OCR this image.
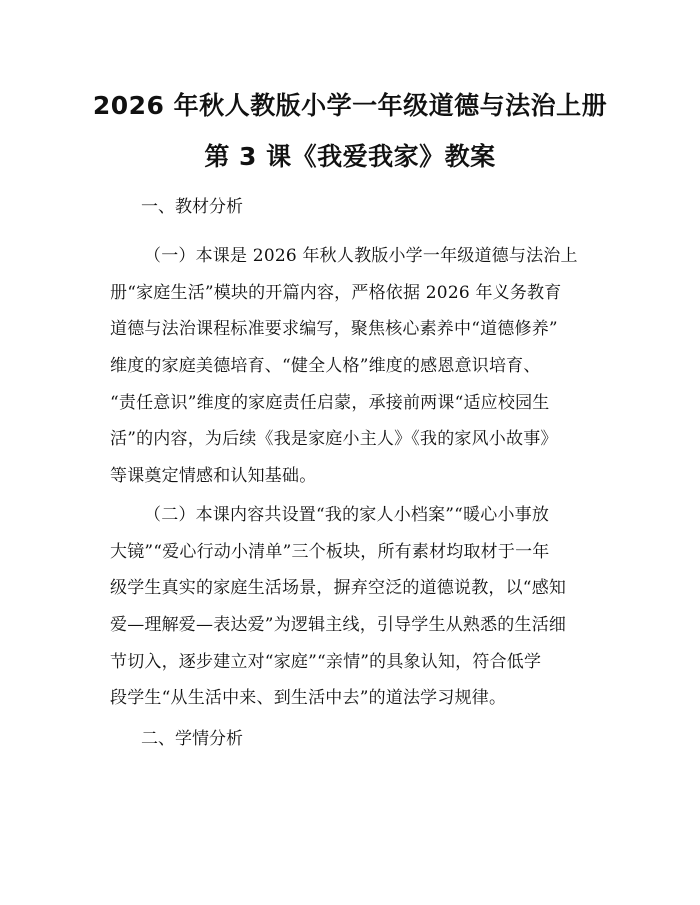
2026 年秋人教版小学一年级道德与法治上册
第 3 课《我爱我家》教案
一、教材分析
（一）本课是 2026 年秋人教版小学一年级道德与法治上
册“家庭生活”模块的开篇内容，严格依据 2026 年义务教育
道德与法治课程标准要求编写，聚焦核心素养中“道德修养”
维度的家庭美德培育、“健全人格”维度的感恩意识培育、
“责任意识”维度的家庭责任启蒙，承接前两课“适应校园生
活”的内容，为后续《我是家庭小主人》《我的家风小故事》
等课奠定情感和认知基础。
（二）本课内容共设置“我的家人小档案”“暖心小事放
大镜”“爱心行动小清单”三个板块，所有素材均取材于一年
级学生真实的家庭生活场景，摒弃空泛的道德说教，以“感知
爱—理解爱—表达爱”为逻辑主线，引导学生从熟悉的生活细
节切入，逐步建立对“家庭”“亲情”的具象认知，符合低学
段学生“从生活中来、到生活中去”的道法学习规律。
二、学情分析
